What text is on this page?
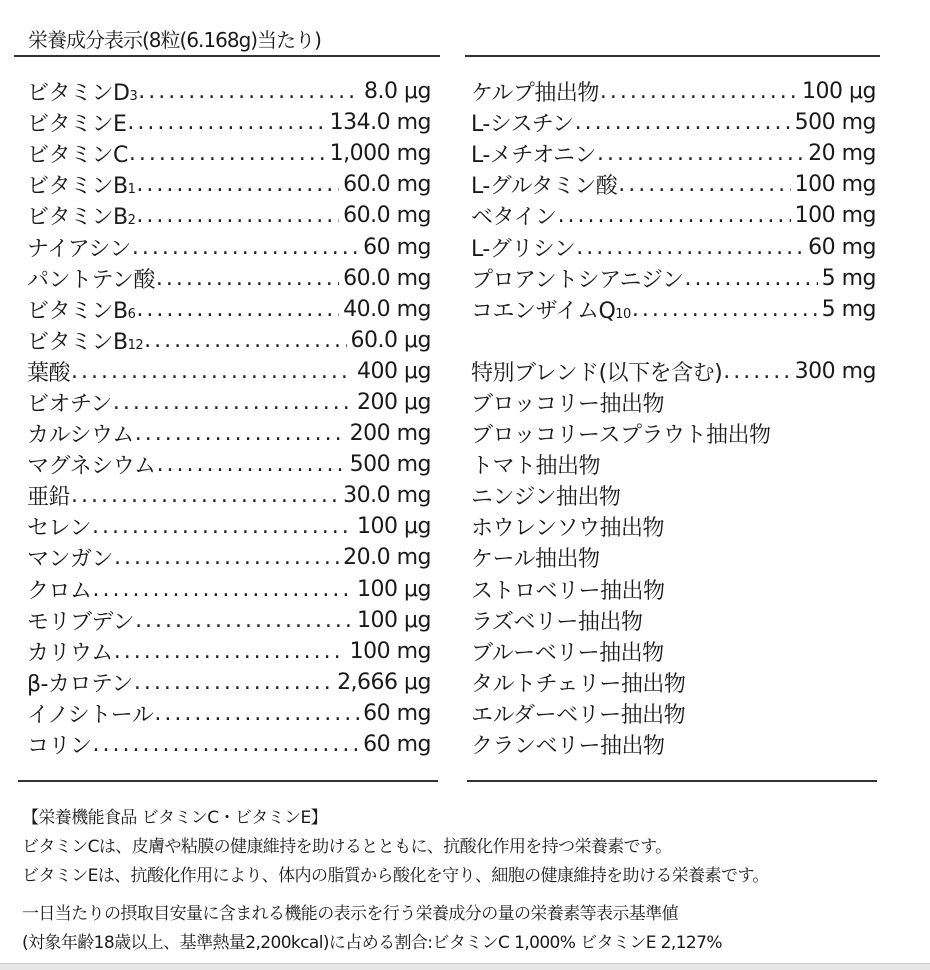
栄養成分表示(8粒(6.168g)当たり)
ビタミンD3 .....	8.0 μg
ビタミンE .....	134.0 mg
ビタミンC .....	1,000 mg
ビタミンB1 .....	60.0 mg
ビタミンB2 .....	60.0 mg
ナイアシン .....	60 mg
パントテン酸 .....	60.0 mg
ビタミンB6 .....	40.0 mg
ビタミンB12 .....	60.0 μg
葉酸 .....	400 μg
ビオチン .....	200 μg
カルシウム .....	200 mg
マグネシウム .....	500 mg
亜鉛 .....	30.0 mg
セレン .....	100 μg
マンガン .....	20.0 mg
クロム .....	100 μg
モリブデン .....	100 μg
カリウム .....	100 mg
β-カロテン .....	2,666 μg
イノシトール .....	60 mg
コリン .....	60 mg
ケルプ抽出物 .....	100 μg
L-シスチン .....	500 mg
L-メチオニン .....	20 mg
L-グルタミン酸 .....	100 mg
ベタイン .....	100 mg
L-グリシン .....	60 mg
プロアントシアニジン .....	5 mg
コエンザイムQ10 .....	5 mg
特別ブレンド(以下を含む) .....	300 mg
ブロッコリー抽出物
ブロッコリースプラウト抽出物
トマト抽出物
ニンジン抽出物
ホウレンソウ抽出物
ケール抽出物
ストロベリー抽出物
ラズベリー抽出物
ブルーベリー抽出物
タルトチェリー抽出物
エルダーベリー抽出物
クランベリー抽出物
【栄養機能食品 ビタミンC・ビタミンE】
ビタミンCは、皮膚や粘膜の健康維持を助けるとともに、抗酸化作用を持つ栄養素です。
ビタミンEは、抗酸化作用により、体内の脂質から酸化を守り、細胞の健康維持を助ける栄養素です。
一日当たりの摂取目安量に含まれる機能の表示を行う栄養成分の量の栄養素等表示基準値
(対象年齢18歳以上、基準熱量2,200kcal)に占める割合:ビタミンC 1,000% ビタミンE 2,127%
